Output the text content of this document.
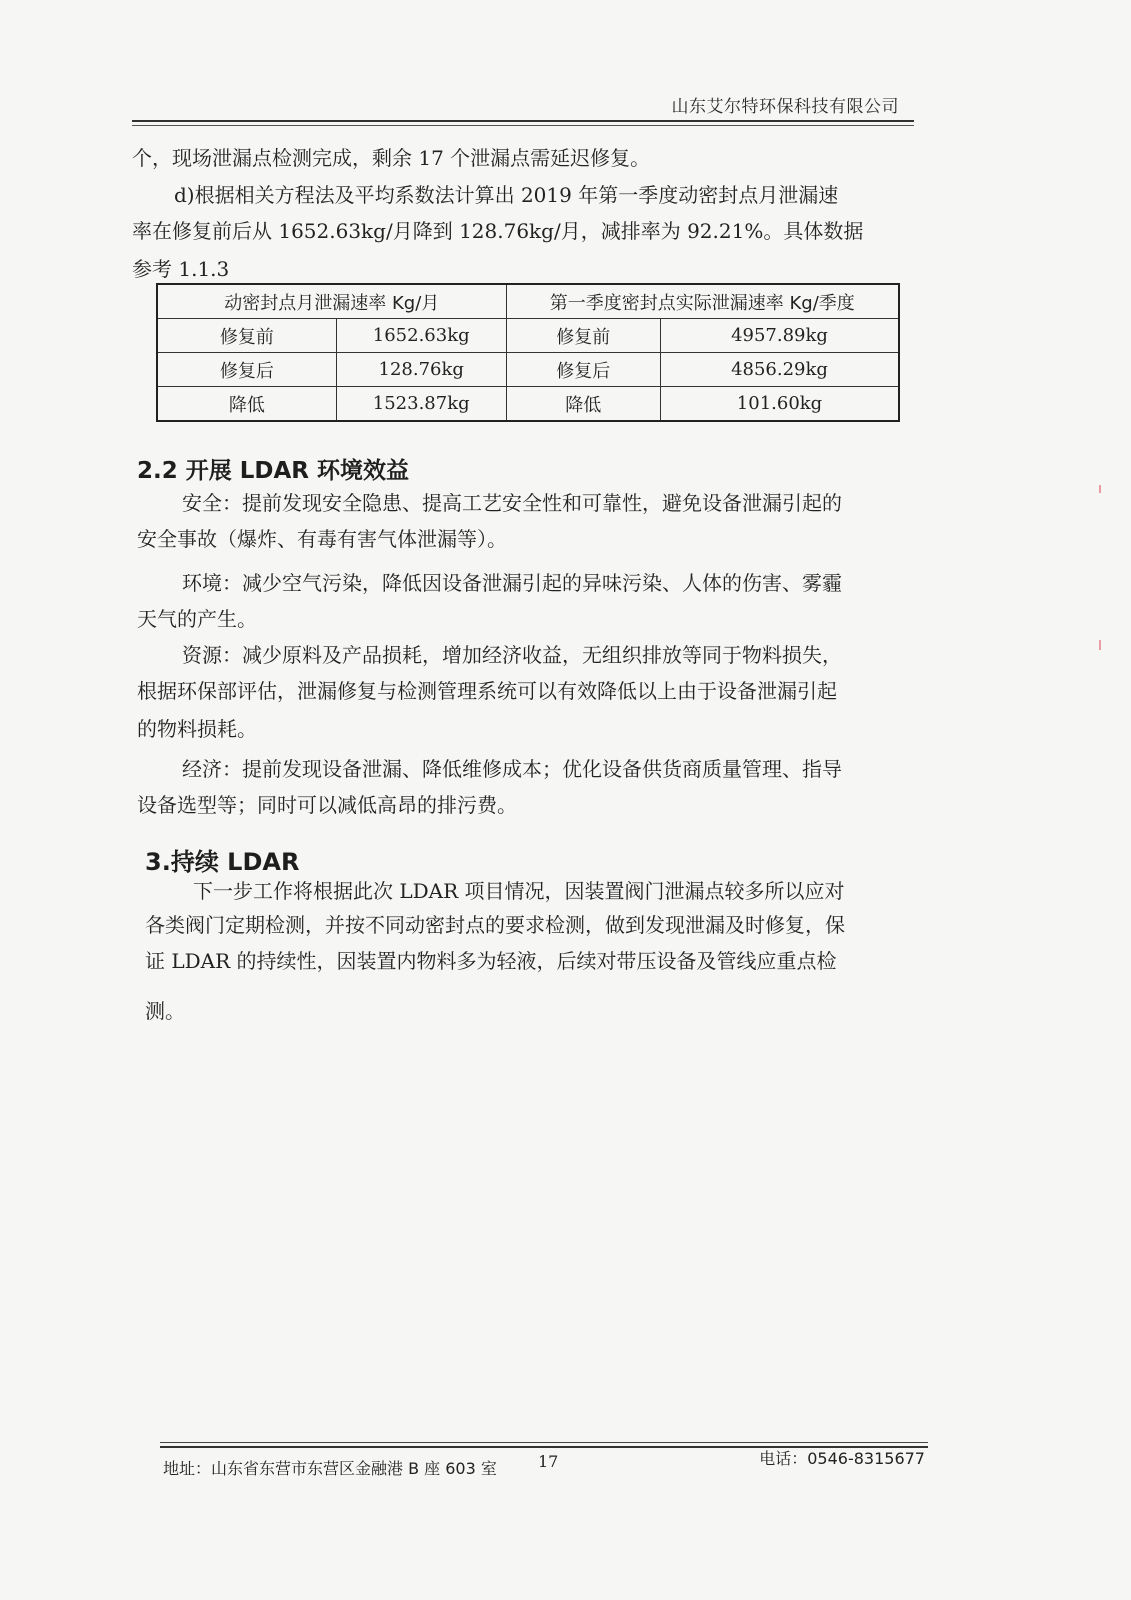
山东艾尔特环保科技有限公司
个，现场泄漏点检测完成，剩余 17 个泄漏点需延迟修复。
d)根据相关方程法及平均系数法计算出 2019 年第一季度动密封点月泄漏速
率在修复前后从 1652.63kg/月降到 128.76kg/月，减排率为 92.21%。具体数据
参考 1.1.3
动密封点月泄漏速率 Kg/月		第一季度密封点实际泄漏速率 Kg/季度	
修复前	1652.63kg	修复前	4957.89kg
修复后	128.76kg	修复后	4856.29kg
降低	1523.87kg	降低	101.60kg
2.2 开展 LDAR 环境效益
安全：提前发现安全隐患、提高工艺安全性和可靠性，避免设备泄漏引起的
安全事故（爆炸、有毒有害气体泄漏等）。
环境：减少空气污染，降低因设备泄漏引起的异味污染、人体的伤害、雾霾
天气的产生。
资源：减少原料及产品损耗，增加经济收益，无组织排放等同于物料损失，
根据环保部评估，泄漏修复与检测管理系统可以有效降低以上由于设备泄漏引起
的物料损耗。
经济：提前发现设备泄漏、降低维修成本；优化设备供货商质量管理、指导
设备选型等；同时可以减低高昂的排污费。
3.持续 LDAR
下一步工作将根据此次 LDAR 项目情况，因装置阀门泄漏点较多所以应对
各类阀门定期检测，并按不同动密封点的要求检测，做到发现泄漏及时修复，保
证 LDAR 的持续性，因装置内物料多为轻液，后续对带压设备及管线应重点检
测。
地址：山东省东营市东营区金融港 B 座 603 室	17	电话：0546-8315677
